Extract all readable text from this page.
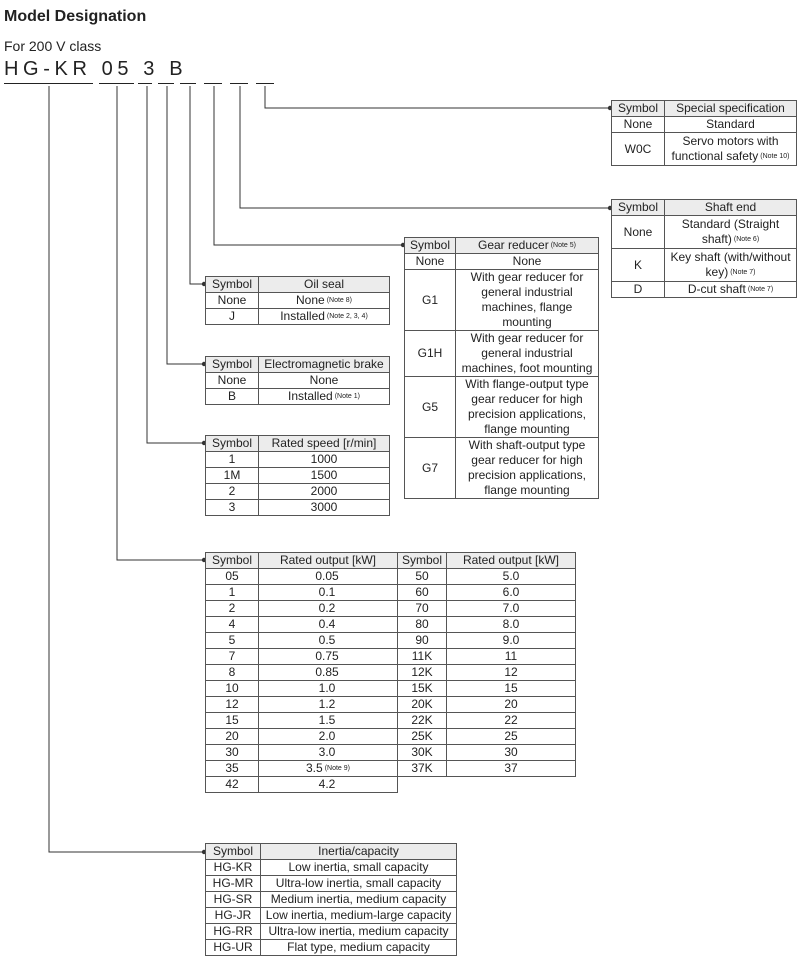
Model Designation
For 200 V class
HG-KR 05 3 B
Symbol	Special specification
None	Standard
W0C	Servo motors with functional safety $^{(Note 10)}$
Symbol	Shaft end
None	Standard (Straight shaft) $^{(Note 6)}$
K	Key shaft (with/without key) $^{(Note 7)}$
D	D-cut shaft $^{(Note 7)}$
Symbol	Gear reducer $^{(Note 5)}$
None	None
G1	With gear reducer for general industrial machines, flange mounting
G1H	With gear reducer for general industrial machines, foot mounting
G5	With flange-output type gear reducer for high precision applications, flange mounting
G7	With shaft-output type gear reducer for high precision applications, flange mounting
Symbol	Oil seal
None	None $^{(Note 8)}$
J	Installed $^{(Note 2, 3, 4)}$
Symbol	Electromagnetic brake
None	None
B	Installed $^{(Note 1)}$
Symbol	Rated speed [r/min]
1	1000
1M	1500
2	2000
3	3000
Symbol	Rated output [kW]	Symbol	Rated output [kW]
05	0.05	50	5.0
1	0.1	60	6.0
2	0.2	70	7.0
4	0.4	80	8.0
5	0.5	90	9.0
7	0.75	11K	11
8	0.85	12K	12
10	1.0	15K	15
12	1.2	20K	20
15	1.5	22K	22
20	2.0	25K	25
30	3.0	30K	30
35	3.5 $^{(Note 9)}$	37K	37
42	4.2		
Symbol	Inertia/capacity
HG-KR	Low inertia, small capacity
HG-MR	Ultra-low inertia, small capacity
HG-SR	Medium inertia, medium capacity
HG-JR	Low inertia, medium-large capacity
HG-RR	Ultra-low inertia, medium capacity
HG-UR	Flat type, medium capacity
